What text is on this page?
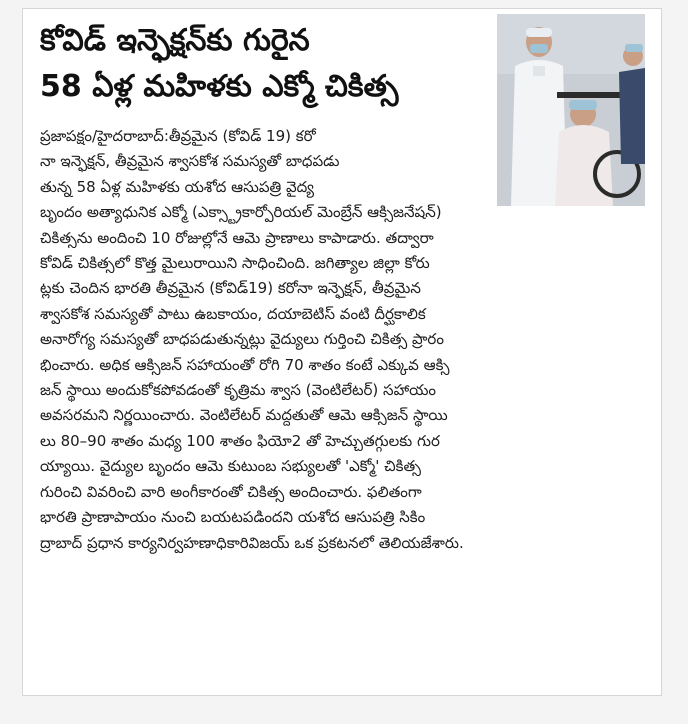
కోవిడ్ ఇన్ఫెక్షన్‌కు గురైన
58 ఏళ్ల మహిళకు ఎక్మో చికిత్స
ప్రజాపక్షం/హైదరాబాద్:తీవ్రమైన (కోవిడ్ 19) కరో
నా ఇన్ఫెక్షన్, తీవ్రమైన శ్వాసకోశ సమస్యతో బాధపడు
తున్న 58 ఏళ్ల మహిళకు యశోద ఆసుపత్రి వైద్య
బృందం అత్యాధునిక ఎక్మో (ఎక్స్ట్రాకార్పోరియల్ మెంబ్రేన్ ఆక్సిజనేషన్)
చికిత్సను అందించి 10 రోజుల్లోనే ఆమె ప్రాణాలు కాపాడారు. తద్వారా
కోవిడ్ చికిత్సలో కొత్త మైలురాయిని సాధించింది. జగిత్యాల జిల్లా కోరు
ట్లకు చెందిన భారతి తీవ్రమైన (కోవిడ్19) కరోనా ఇన్ఫెక్షన్, తీవ్రమైన
శ్వాసకోశ సమస్యతో పాటు ఉబకాయం, దయాబెటిస్ వంటి దీర్ఘకాలిక
అనారోగ్య సమస్యతో బాధపడుతున్నట్లు వైద్యులు గుర్తించి చికిత్స ప్రారం
భించారు. అధిక ఆక్సిజన్ సహాయంతో రోగి 70 శాతం కంటే ఎక్కువ ఆక్సి
జన్ స్థాయి అందుకోకపోవడంతో కృత్రిమ శ్వాస (వెంటిలేటర్) సహాయం
అవసరమని నిర్ణయించారు. వెంటిలేటర్ మద్దతుతో ఆమె ఆక్సిజన్ స్థాయి
లు 80–90 శాతం మధ్య 100 శాతం ఫియో2 తో హెచ్చుతగ్గులకు గుర
య్యాయి. వైద్యుల బృందం ఆమె కుటుంబ సభ్యులతో 'ఎక్మో' చికిత్స
గురించి వివరించి వారి అంగీకారంతో చికిత్స అందించారు. ఫలితంగా
భారతి ప్రాణాపాయం నుంచి బయటపడిందని యశోద ఆసుపత్రి సికిం
ద్రాబాద్ ప్రధాన కార్యనిర్వహణాధికారివిజయ్ ఒక ప్రకటనలో తెలియజేశారు.
